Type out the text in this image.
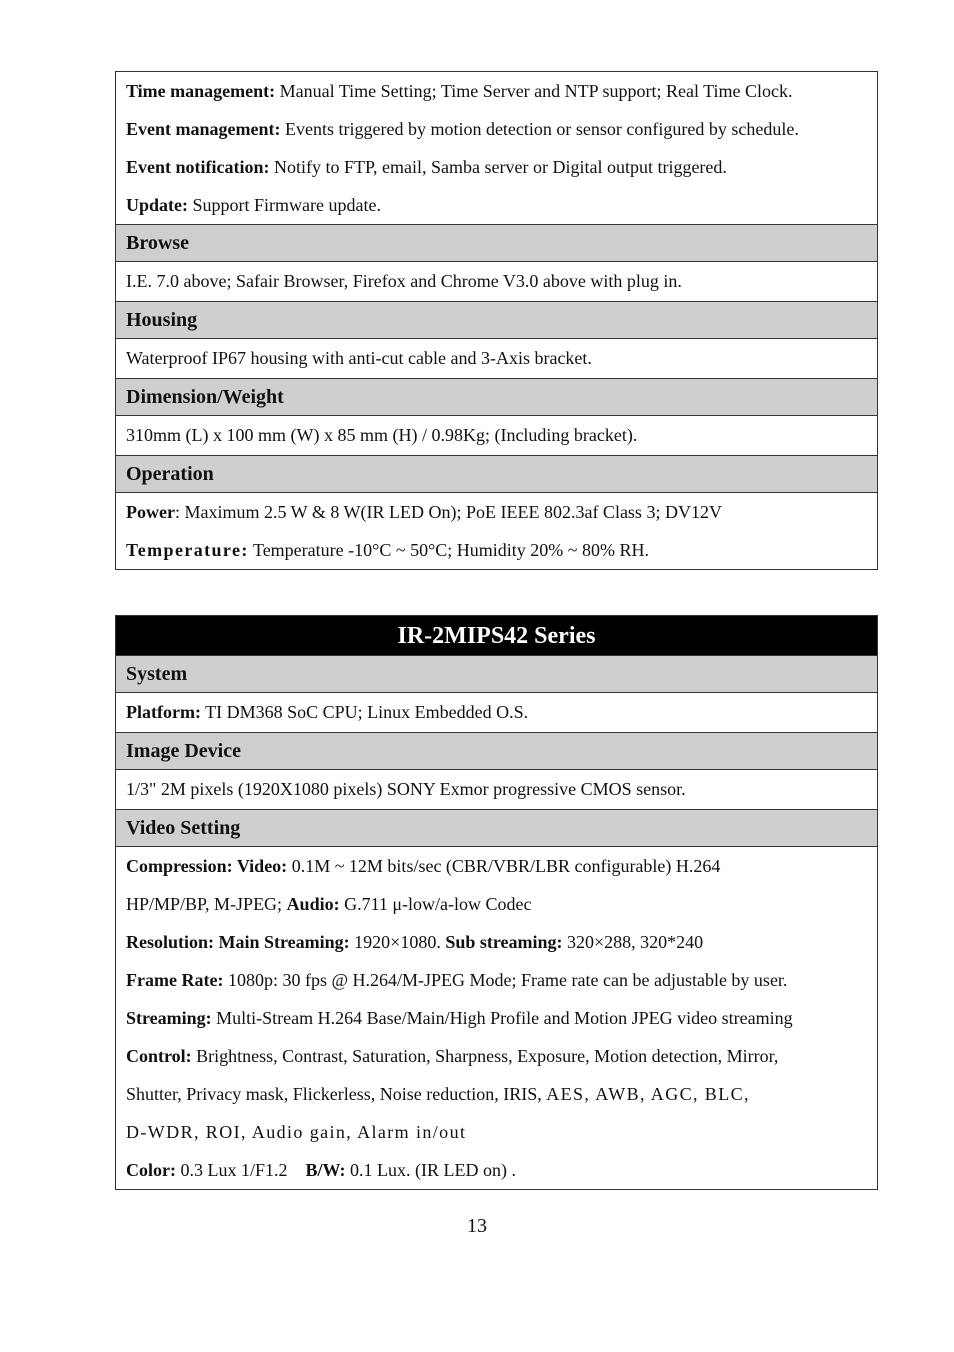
Time management: Manual Time Setting; Time Server and NTP support; Real Time Clock.
Event management: Events triggered by motion detection or sensor configured by schedule.
Event notification: Notify to FTP, email, Samba server or Digital output triggered.
Update: Support Firmware update.
Browse
I.E. 7.0 above; Safair Browser, Firefox and Chrome V3.0 above with plug in.
Housing
Waterproof IP67 housing with anti-cut cable and 3-Axis bracket.
Dimension/Weight
310mm (L) x 100 mm (W) x 85 mm (H) / 0.98Kg; (Including bracket).
Operation
Power: Maximum 2.5 W & 8 W(IR LED On); PoE IEEE 802.3af Class 3; DV12V
Temperature: Temperature -10°C ~ 50°C; Humidity 20% ~ 80% RH.
IR-2MIPS42 Series
System
Platform: TI DM368 SoC CPU; Linux Embedded O.S.
Image Device
1/3" 2M pixels (1920X1080 pixels) SONY Exmor progressive CMOS sensor.
Video Setting
Compression: Video: 0.1M ~ 12M bits/sec (CBR/VBR/LBR configurable) H.264
HP/MP/BP, M-JPEG; Audio: G.711 μ-low/a-low Codec
Resolution: Main Streaming: 1920×1080. Sub streaming: 320×288, 320*240
Frame Rate: 1080p: 30 fps @ H.264/M-JPEG Mode; Frame rate can be adjustable by user.
Streaming: Multi-Stream H.264 Base/Main/High Profile and Motion JPEG video streaming
Control: Brightness, Contrast, Saturation, Sharpness, Exposure, Motion detection, Mirror,
Shutter, Privacy mask, Flickerless, Noise reduction, IRIS, AES, AWB, AGC, BLC,
D-WDR, ROI, Audio gain, Alarm in/out
Color: 0.3 Lux 1/F1.2    B/W: 0.1 Lux. (IR LED on) .
13
